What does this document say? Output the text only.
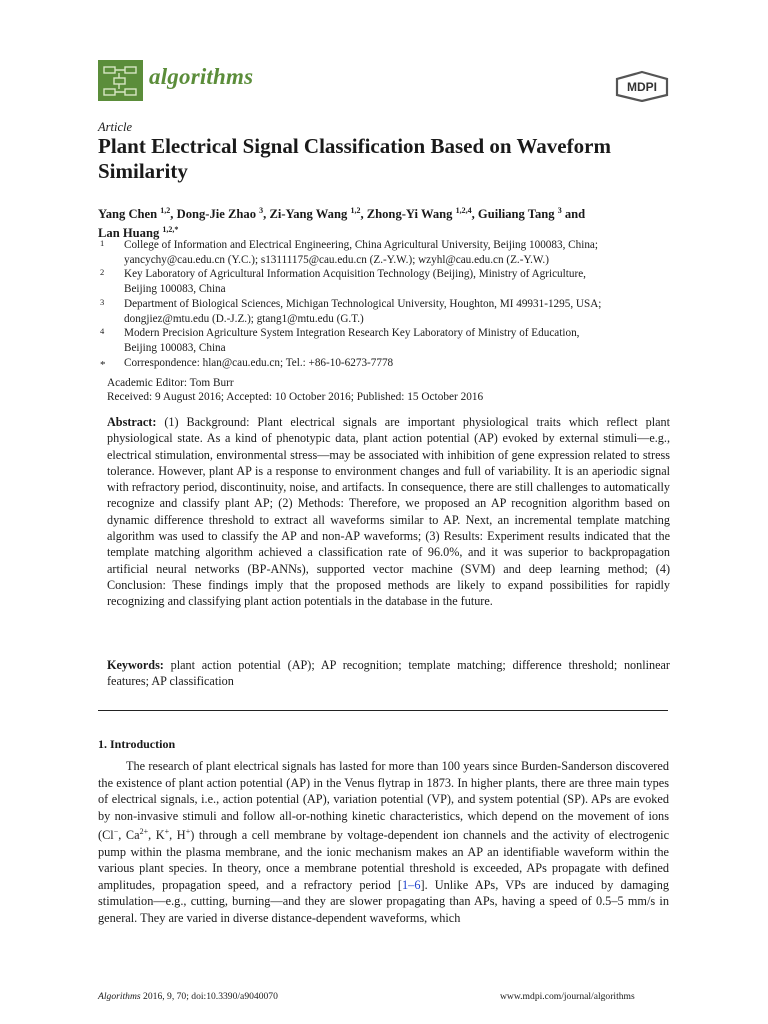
algorithms	MDPI
Article
Plant Electrical Signal Classification Based on Waveform Similarity
Yang Chen $^{1,2}$, Dong-Jie Zhao $^3$, Zi-Yang Wang $^{1,2}$, Zhong-Yi Wang $^{1,2,4}$, Guiliang Tang $^3$ and
Lan Huang $^{1,2,*}$
1 College of Information and Electrical Engineering, China Agricultural University, Beijing 100083, China;
yancychy@cau.edu.cn (Y.C.); s13111175@cau.edu.cn (Z.-Y.W.); wzyhl@cau.edu.cn (Z.-Y.W.)
2 Key Laboratory of Agricultural Information Acquisition Technology (Beijing), Ministry of Agriculture,
Beijing 100083, China
3 Department of Biological Sciences, Michigan Technological University, Houghton, MI 49931-1295, USA;
dongjiez@mtu.edu (D.-J.Z.); gtang1@mtu.edu (G.T.)
4 Modern Precision Agriculture System Integration Research Key Laboratory of Ministry of Education,
Beijing 100083, China
* Correspondence: hlan@cau.edu.cn; Tel.: +86-10-6273-7778
Academic Editor: Tom Burr
Received: 9 August 2016; Accepted: 10 October 2016; Published: 15 October 2016
Abstract: (1) Background: Plant electrical signals are important physiological traits which reflect plant physiological state. As a kind of phenotypic data, plant action potential (AP) evoked by external stimuli—e.g., electrical stimulation, environmental stress—may be associated with inhibition of gene expression related to stress tolerance. However, plant AP is a response to environment changes and full of variability. It is an aperiodic signal with refractory period, discontinuity, noise, and artifacts. In consequence, there are still challenges to automatically recognize and classify plant AP; (2) Methods: Therefore, we proposed an AP recognition algorithm based on dynamic difference threshold to extract all waveforms similar to AP. Next, an incremental template matching algorithm was used to classify the AP and non-AP waveforms; (3) Results: Experiment results indicated that the template matching algorithm achieved a classification rate of 96.0%, and it was superior to backpropagation artificial neural networks (BP-ANNs), supported vector machine (SVM) and deep learning method; (4) Conclusion: These findings imply that the proposed methods are likely to expand possibilities for rapidly recognizing and classifying plant action potentials in the database in the future.
Keywords: plant action potential (AP); AP recognition; template matching; difference threshold; nonlinear features; AP classification
1. Introduction
The research of plant electrical signals has lasted for more than 100 years since Burden-Sanderson discovered the existence of plant action potential (AP) in the Venus flytrap in 1873. In higher plants, there are three main types of electrical signals, i.e., action potential (AP), variation potential (VP), and system potential (SP). APs are evoked by non-invasive stimuli and follow all-or-nothing kinetic characteristics, which depend on the movement of ions (Cl−, $Ca^{2+}$, K+, H+) through a cell membrane by voltage-dependent ion channels and the activity of electrogenic pump within the plasma membrane, and the ionic mechanism makes an AP an identifiable waveform within the various plant species. In theory, once a membrane potential threshold is exceeded, APs propagate with defined amplitudes, propagation speed, and a refractory period [1–6]. Unlike APs, VPs are induced by damaging stimulation—e.g., cutting, burning—and they are slower propagating than APs, having a speed of 0.5–5 mm/s in general. They are varied in diverse distance-dependent waveforms, which
Algorithms 2016, 9, 70; doi:10.3390/a9040070	www.mdpi.com/journal/algorithms
